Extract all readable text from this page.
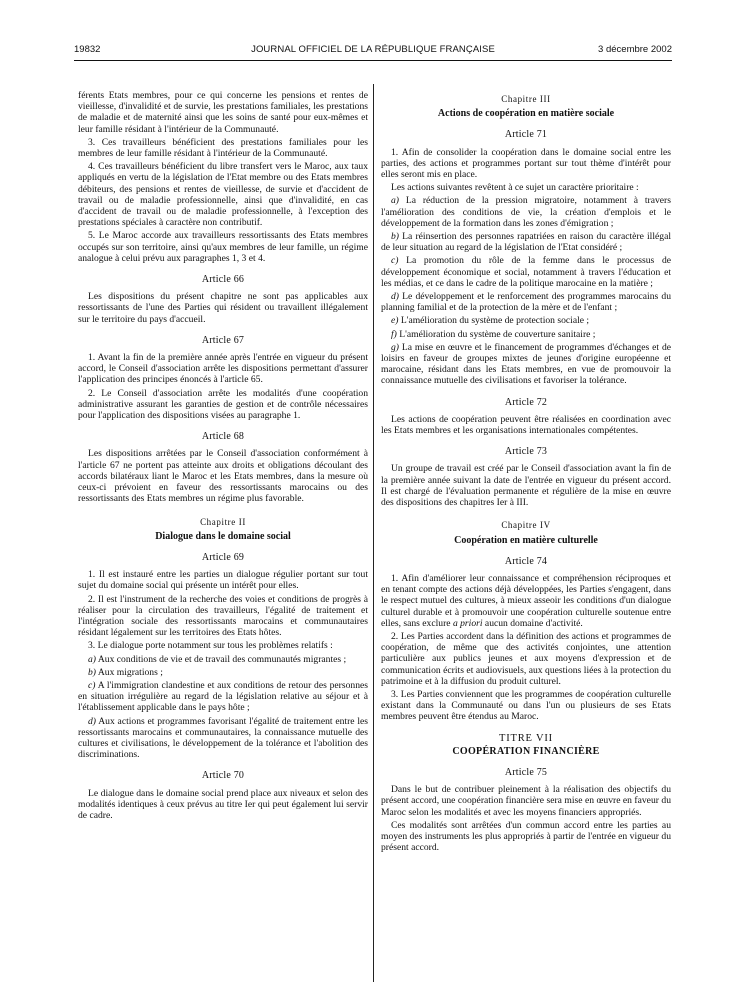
19832	JOURNAL OFFICIEL DE LA RÉPUBLIQUE FRANÇAISE	3 décembre 2002

férents Etats membres, pour ce qui concerne les pensions et rentes de vieillesse, d'invalidité et de survie, les prestations familiales, les prestations de maladie et de maternité ainsi que les soins de santé pour eux-mêmes et leur famille résidant à l'intérieur de la Communauté.

3. Ces travailleurs bénéficient des prestations familiales pour les membres de leur famille résidant à l'intérieur de la Communauté.

4. Ces travailleurs bénéficient du libre transfert vers le Maroc, aux taux appliqués en vertu de la législation de l'Etat membre ou des Etats membres débiteurs, des pensions et rentes de vieillesse, de survie et d'accident de travail ou de maladie professionnelle, ainsi que d'invalidité, en cas d'accident de travail ou de maladie professionnelle, à l'exception des prestations spéciales à caractère non contributif.

5. Le Maroc accorde aux travailleurs ressortissants des Etats membres occupés sur son territoire, ainsi qu'aux membres de leur famille, un régime analogue à celui prévu aux paragraphes 1, 3 et 4.

Article 66

Les dispositions du présent chapitre ne sont pas applicables aux ressortissants de l'une des Parties qui résident ou travaillent illégalement sur le territoire du pays d'accueil.

Article 67

1. Avant la fin de la première année après l'entrée en vigueur du présent accord, le Conseil d'association arrête les dispositions permettant d'assurer l'application des principes énoncés à l'article 65.

2. Le Conseil d'association arrête les modalités d'une coopération administrative assurant les garanties de gestion et de contrôle nécessaires pour l'application des dispositions visées au paragraphe 1.

Article 68

Les dispositions arrêtées par le Conseil d'association conformément à l'article 67 ne portent pas atteinte aux droits et obligations découlant des accords bilatéraux liant le Maroc et les Etats membres, dans la mesure où ceux-ci prévoient en faveur des ressortissants marocains ou des ressortissants des Etats membres un régime plus favorable.

Chapitre II
Dialogue dans le domaine social
Article 69

1. Il est instauré entre les parties un dialogue régulier portant sur tout sujet du domaine social qui présente un intérêt pour elles.

2. Il est l'instrument de la recherche des voies et conditions de progrès à réaliser pour la circulation des travailleurs, l'égalité de traitement et l'intégration sociale des ressortissants marocains et communautaires résidant légalement sur les territoires des Etats hôtes.

3. Le dialogue porte notamment sur tous les problèmes relatifs :

a) Aux conditions de vie et de travail des communautés migrantes ;

b) Aux migrations ;

c) A l'immigration clandestine et aux conditions de retour des personnes en situation irrégulière au regard de la législation relative au séjour et à l'établissement applicable dans le pays hôte ;

d) Aux actions et programmes favorisant l'égalité de traitement entre les ressortissants marocains et communautaires, la connaissance mutuelle des cultures et civilisations, le développement de la tolérance et l'abolition des discriminations.

Article 70

Le dialogue dans le domaine social prend place aux niveaux et selon des modalités identiques à ceux prévus au titre Ier qui peut également lui servir de cadre.

Chapitre III
Actions de coopération en matière sociale
Article 71

1. Afin de consolider la coopération dans le domaine social entre les parties, des actions et programmes portant sur tout thème d'intérêt pour elles seront mis en place.

Les actions suivantes revêtent à ce sujet un caractère prioritaire :

a) La réduction de la pression migratoire, notamment à travers l'amélioration des conditions de vie, la création d'emplois et le développement de la formation dans les zones d'émigration ;

b) La réinsertion des personnes rapatriées en raison du caractère illégal de leur situation au regard de la législation de l'Etat considéré ;

c) La promotion du rôle de la femme dans le processus de développement économique et social, notamment à travers l'éducation et les médias, et ce dans le cadre de la politique marocaine en la matière ;

d) Le développement et le renforcement des programmes marocains du planning familial et de la protection de la mère et de l'enfant ;

e) L'amélioration du système de protection sociale ;

f) L'amélioration du système de couverture sanitaire ;

g) La mise en œuvre et le financement de programmes d'échanges et de loisirs en faveur de groupes mixtes de jeunes d'origine européenne et marocaine, résidant dans les Etats membres, en vue de promouvoir la connaissance mutuelle des civilisations et favoriser la tolérance.

Article 72

Les actions de coopération peuvent être réalisées en coordination avec les Etats membres et les organisations internationales compétentes.

Article 73

Un groupe de travail est créé par le Conseil d'association avant la fin de la première année suivant la date de l'entrée en vigueur du présent accord. Il est chargé de l'évaluation permanente et régulière de la mise en œuvre des dispositions des chapitres Ier à III.

Chapitre IV
Coopération en matière culturelle
Article 74

1. Afin d'améliorer leur connaissance et compréhension réciproques et en tenant compte des actions déjà développées, les Parties s'engagent, dans le respect mutuel des cultures, à mieux asseoir les conditions d'un dialogue culturel durable et à promouvoir une coopération culturelle soutenue entre elles, sans exclure a priori aucun domaine d'activité.

2. Les Parties accordent dans la définition des actions et programmes de coopération, de même que des activités conjointes, une attention particulière aux publics jeunes et aux moyens d'expression et de communication écrits et audiovisuels, aux questions liées à la protection du patrimoine et à la diffusion du produit culturel.

3. Les Parties conviennent que les programmes de coopération culturelle existant dans la Communauté ou dans l'un ou plusieurs de ses Etats membres peuvent être étendus au Maroc.

TITRE VII
COOPÉRATION FINANCIÈRE
Article 75

Dans le but de contribuer pleinement à la réalisation des objectifs du présent accord, une coopération financière sera mise en œuvre en faveur du Maroc selon les modalités et avec les moyens financiers appropriés.

Ces modalités sont arrêtées d'un commun accord entre les parties au moyen des instruments les plus appropriés à partir de l'entrée en vigueur du présent accord.
